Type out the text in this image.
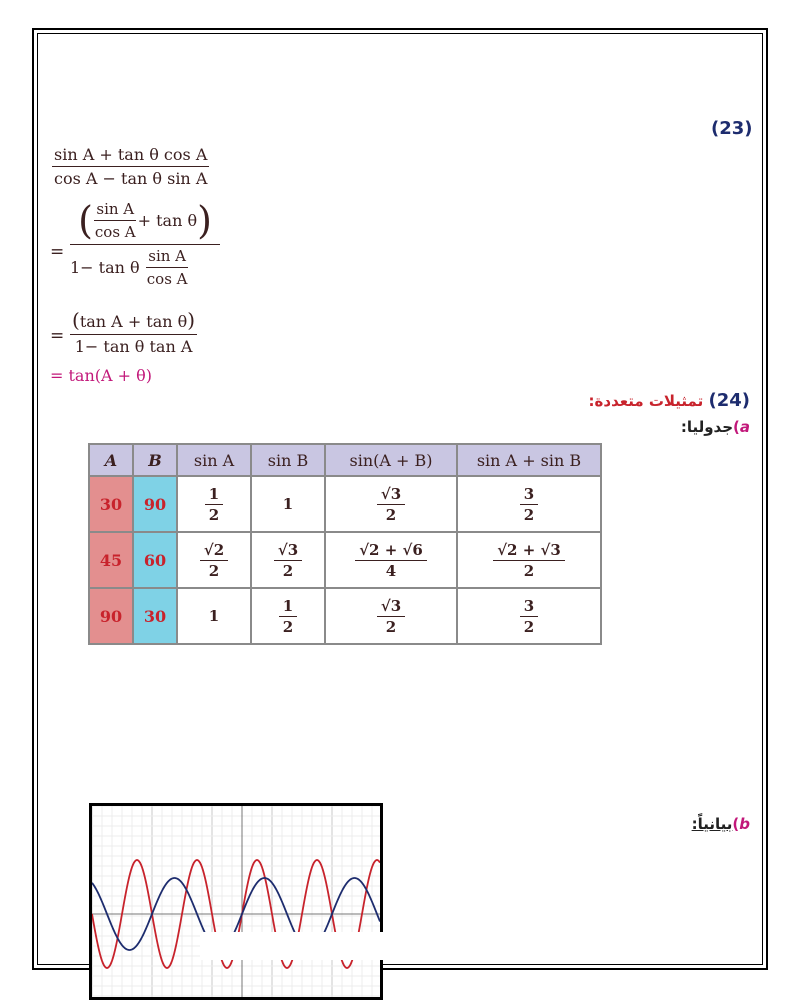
(23)
$\frac{\text{sin A + tan θ cos A}}{\text{cos A − tan θ sin A}}$
=
( $\frac{\text{sin A}}{\text{cos A}} + \tan \theta$)
1− tan θ $\frac{\text{sin A}}{\text{cos A}}$
= $\frac{\text{(tan A + tan θ)}}{\text{1− tan θ tan A}}$
= tan(A + θ)
(24) تمثيلات متعددة:
a)جدوليا:
A	B	sin A	sin B	sin(A + B)	sin A + sin B
30	90	$\frac{1}{2}$	1	$\frac{√3}{2}$	$\frac{3}{2}$

45	60	$\frac{√2}{2}$	$\frac{√3}{2}$	$\frac{√2 + √6}{4}$	$\frac{√2 + √3}{2}$

90	30	1	$\frac{1}{2}$	$\frac{√3}{2}$	$\frac{3}{2}$
b)بيانياً:
